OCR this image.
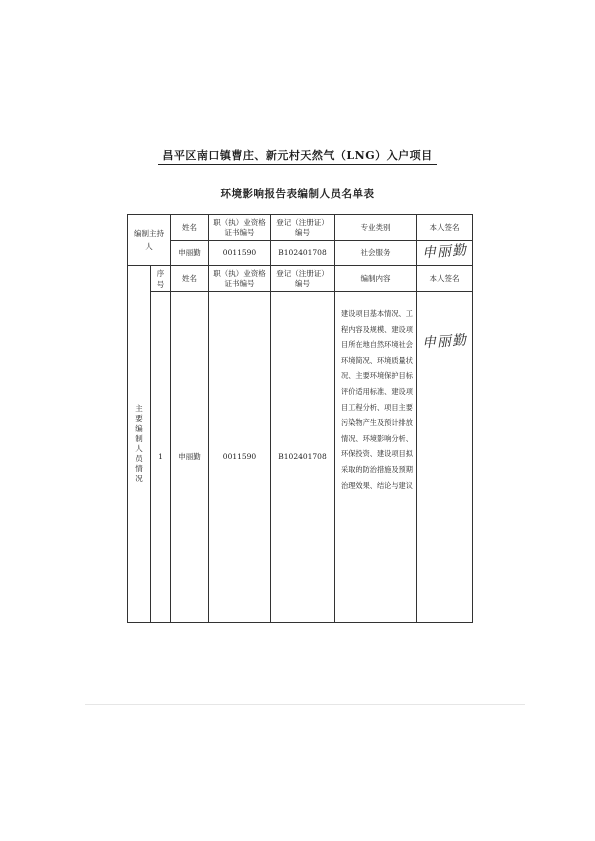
昌平区南口镇曹庄、新元村天然气（LNG）入户项目
环境影响报告表编制人员名单表
编制主持人		姓名	职（执）业资格证书编号	登记（注册证）编号	专业类别	本人签名
		申丽勤	0011590	B102401708	社会服务	申丽勤

主要编制人员情况	序号	姓名	职（执）业资格证书编号	登记（注册证）编号	编制内容	本人签名
	1	申丽勤	0011590	B102401708	建设项目基本情况、工程内容及规模、建设项目所在地自然环境社会环境简况、环境质量状况、主要环境保护目标评价适用标准、建设项目工程分析、项目主要污染物产生及预计排放情况、环境影响分析、环保投资、建设项目拟采取的防治措施及预期治理效果、结论与建议	申丽勤
